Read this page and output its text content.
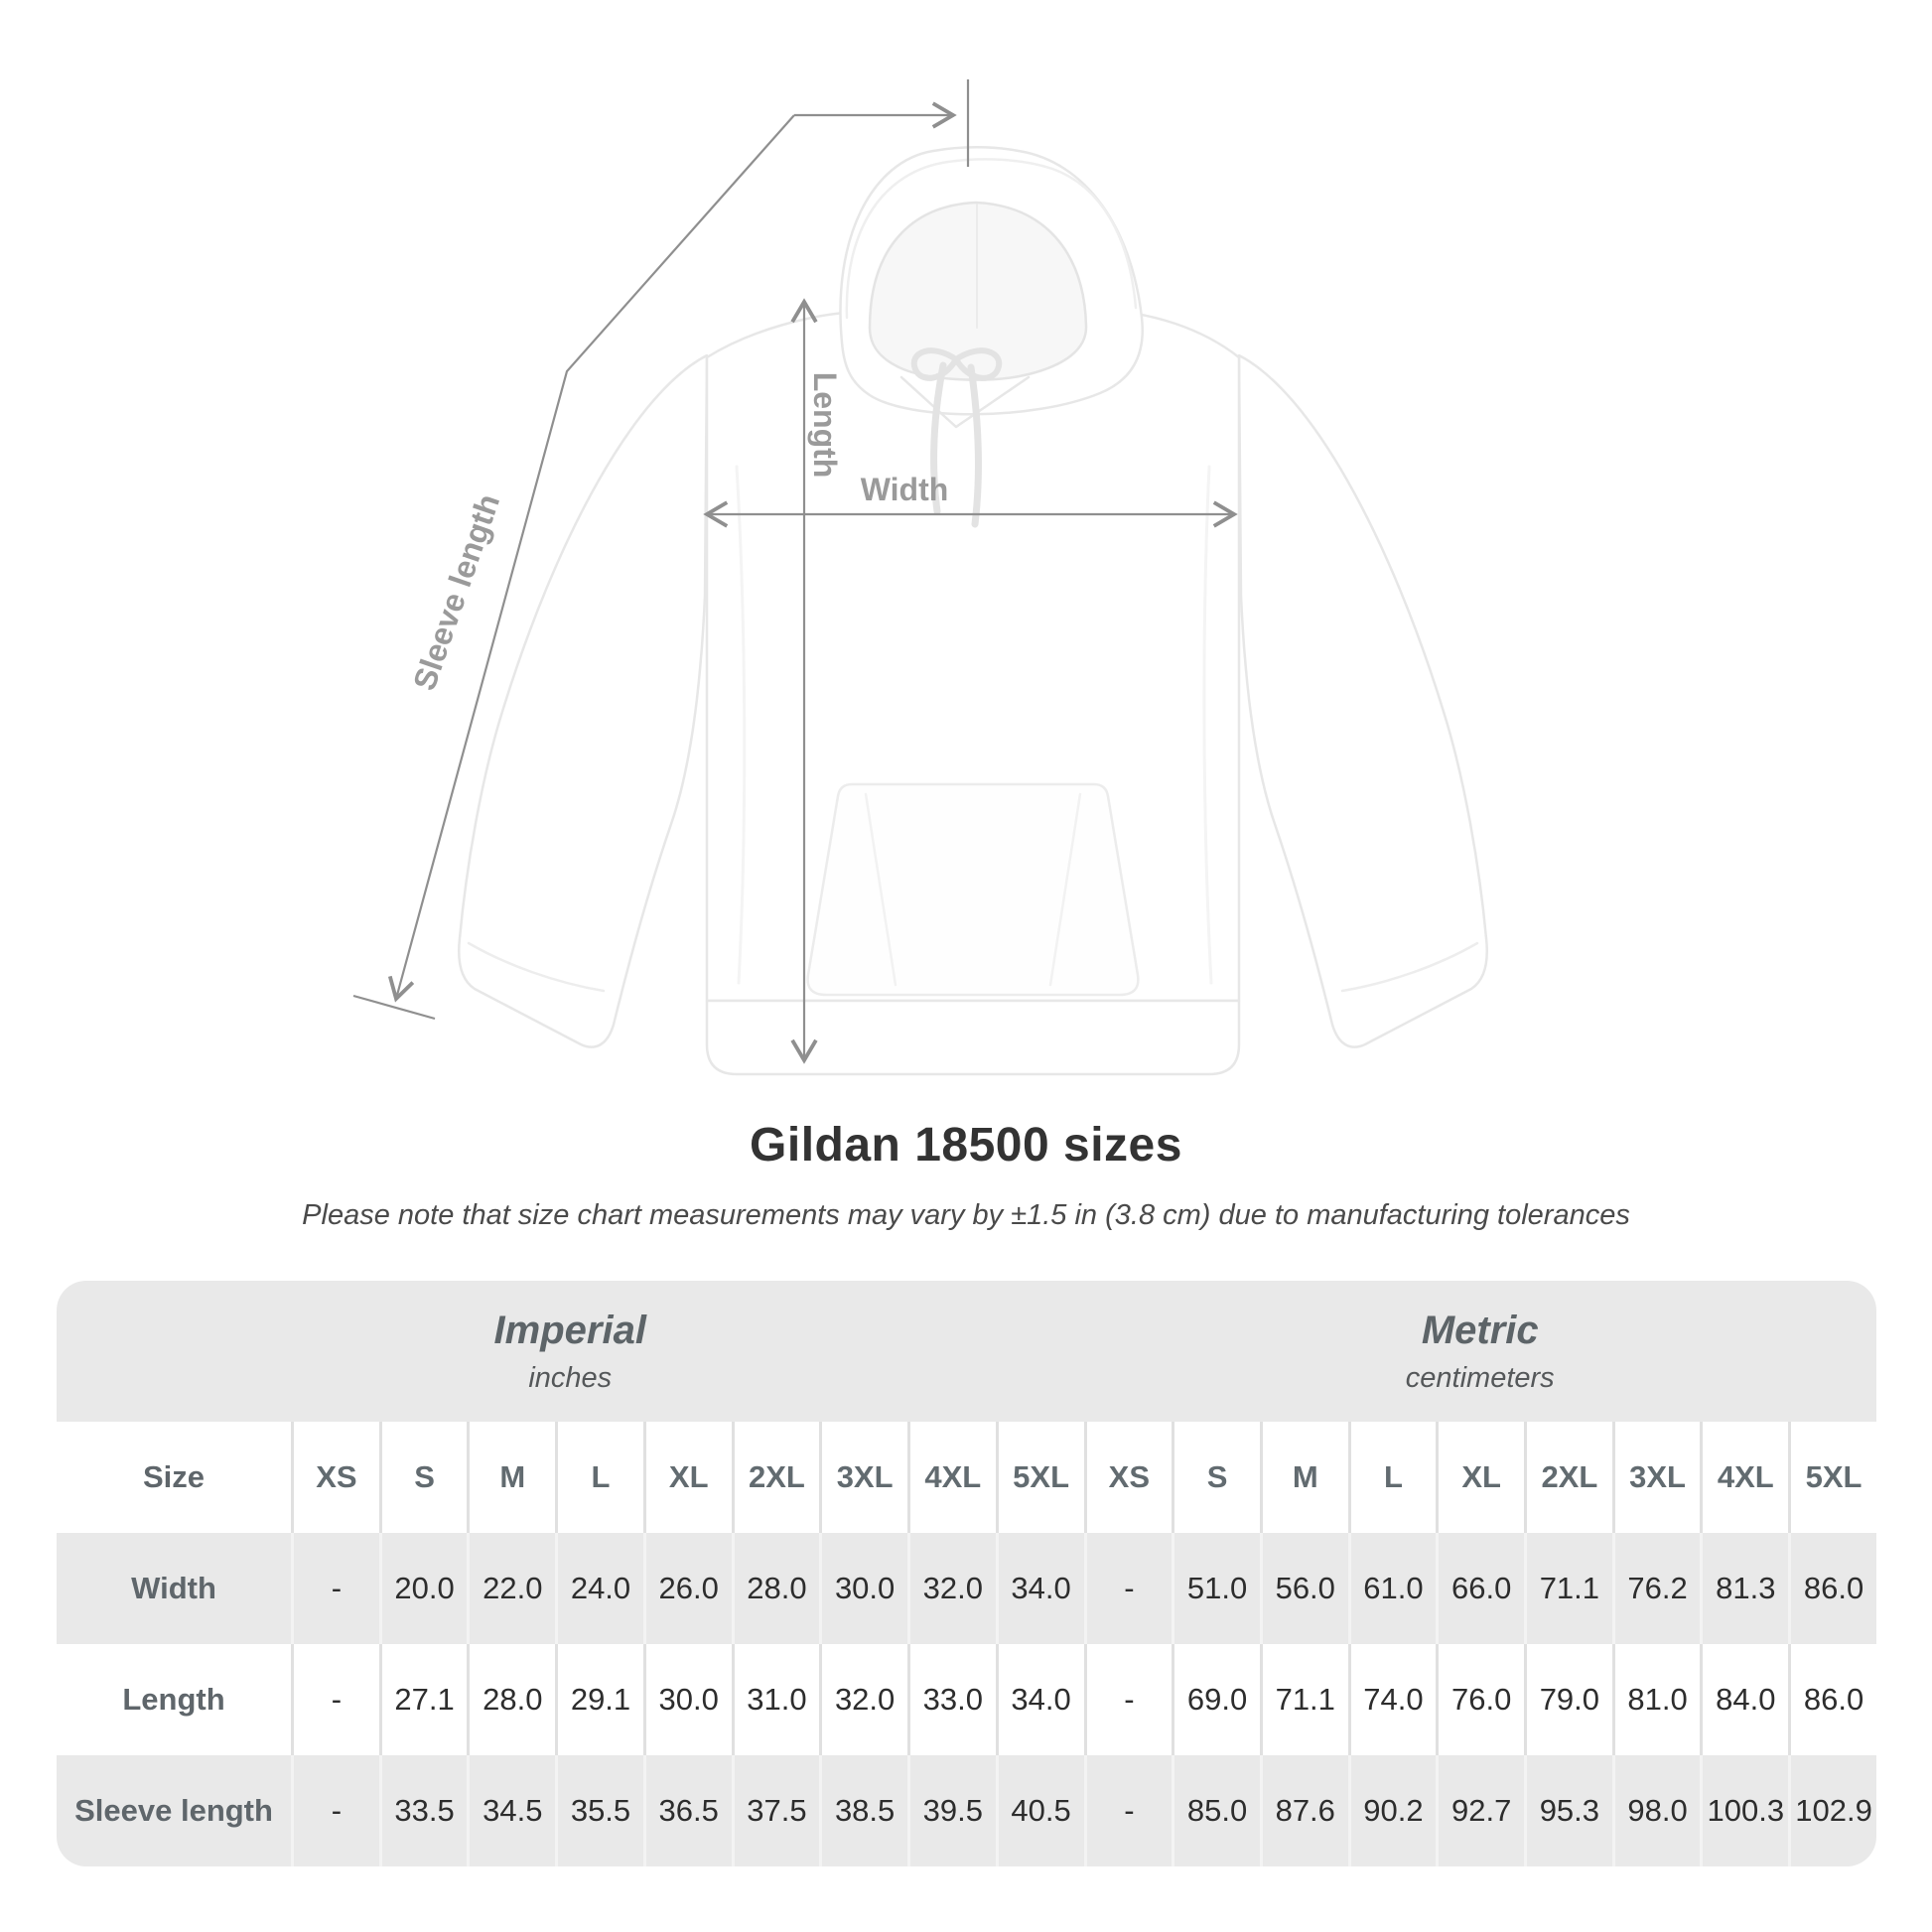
Sleeve length
Length
Width
Gildan 18500 sizes

Please note that size chart measurements may vary by ±1.5 in (3.8 cm) due to manufacturing tolerances

Imperial
inches

Metric
centimeters

Size	XS	S	M	L	XL	2XL	3XL	4XL	5XL	XS	S	M	L	XL	2XL	3XL	4XL	5XL
Width	-	20.0	22.0	24.0	26.0	28.0	30.0	32.0	34.0	-	51.0	56.0	61.0	66.0	71.1	76.2	81.3	86.0
Length	-	27.1	28.0	29.1	30.0	31.0	32.0	33.0	34.0	-	69.0	71.1	74.0	76.0	79.0	81.0	84.0	86.0
Sleeve length	-	33.5	34.5	35.5	36.5	37.5	38.5	39.5	40.5	-	85.0	87.6	90.2	92.7	95.3	98.0	100.3	102.9
